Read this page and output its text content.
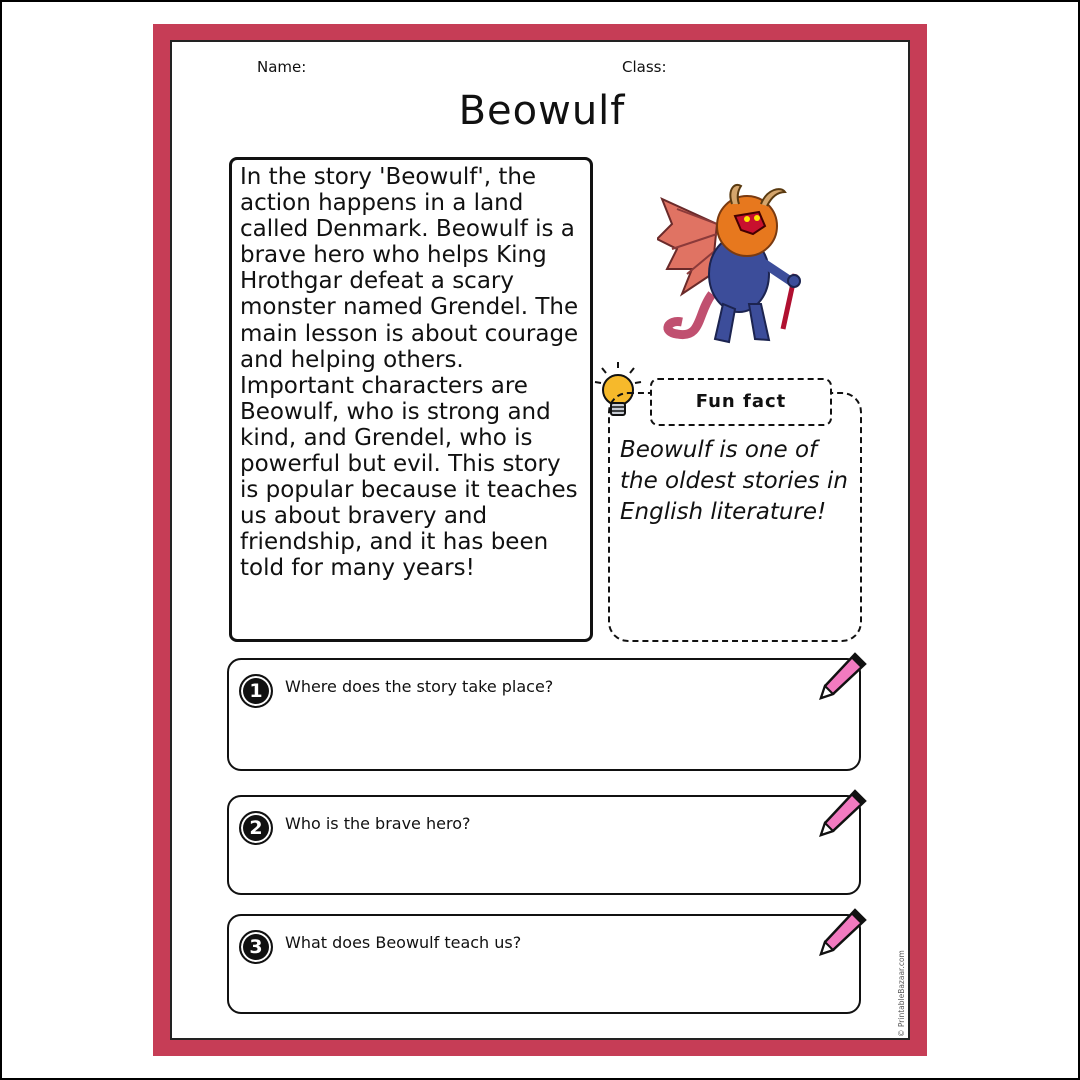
Name:	Class:
Beowulf

In the story 'Beowulf', the action happens in a land called Denmark. Beowulf is a brave hero who helps King Hrothgar defeat a scary monster named Grendel. The main lesson is about courage and helping others. Important characters are Beowulf, who is strong and kind, and Grendel, who is powerful but evil. This story is popular because it teaches us about bravery and friendship, and it has been told for many years!

Fun fact

Beowulf is one of the oldest stories in English literature!

1	Where does the story take place?
2	Who is the brave hero?
3	What does Beowulf teach us?
© PrintableBazaar.com
